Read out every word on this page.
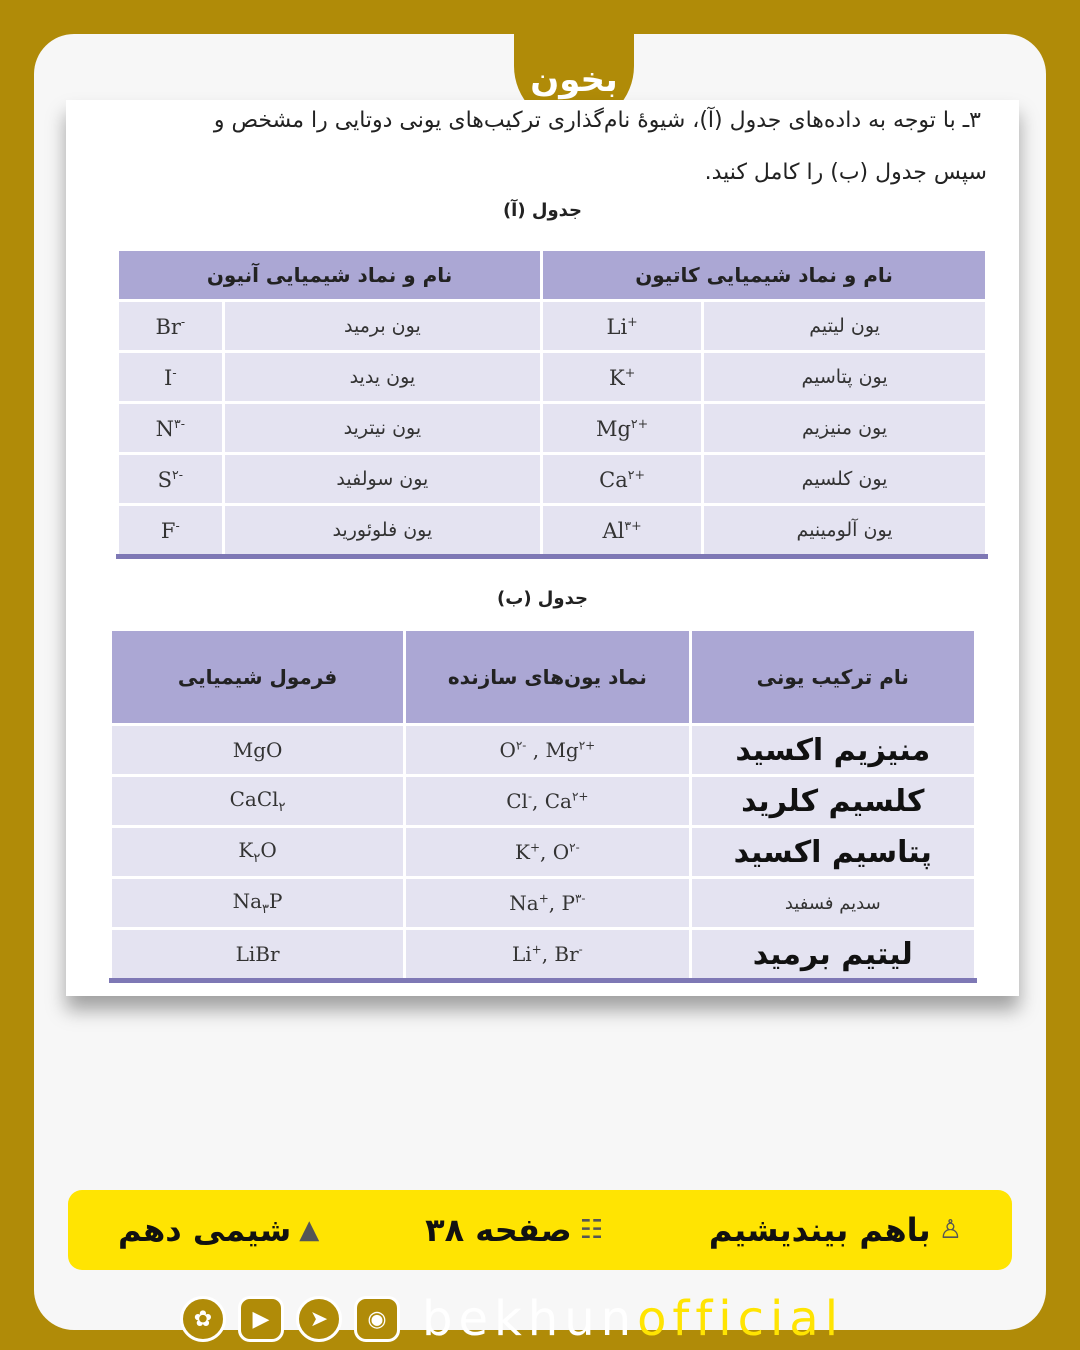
بخون
۳ـ با توجه به داده‌های جدول (آ)، شیوهٔ نام‌گذاری ترکیب‌های یونی دوتایی را مشخص و
سپس جدول (ب) را کامل کنید.
جدول (آ)
نام و نماد شیمیایی کاتیون		نام و نماد شیمیایی آنیون	
یون لیتیم	Li+	یون برمید	Br-
یون پتاسیم	K+	یون یدید	I-
یون منیزیم	$Mg^{۲+}$	یون نیترید	$N^{۳-}$
یون کلسیم	$Ca^{۲+}$	یون سولفید	$S^{۲-}$
یون آلومینیم	$Al^{۳+}$	یون فلوئورید	F-
جدول (ب)
نام ترکیب یونی	نماد یون‌های سازنده	فرمول شیمیایی
منیزیم اکسید	$O^{۲-}$ , $Mg^{۲+}$	MgO
کلسیم کلرید	Cl-, $Ca^{۲+}$	CaCl$_۲$
پتاسیم اکسید	K+, $O^{۲-}$	$K_۲O$
سدیم فسفید	Na+, $P^{۳-}$	$Na_۳P$
لیتیم برمید	Li+, Br-	LiBr
♙
باهم بیندیشیم
☷
صفحه ۳۸
▲
شیمی دهم
✿	▶	➤	◉ bekhunofficial
